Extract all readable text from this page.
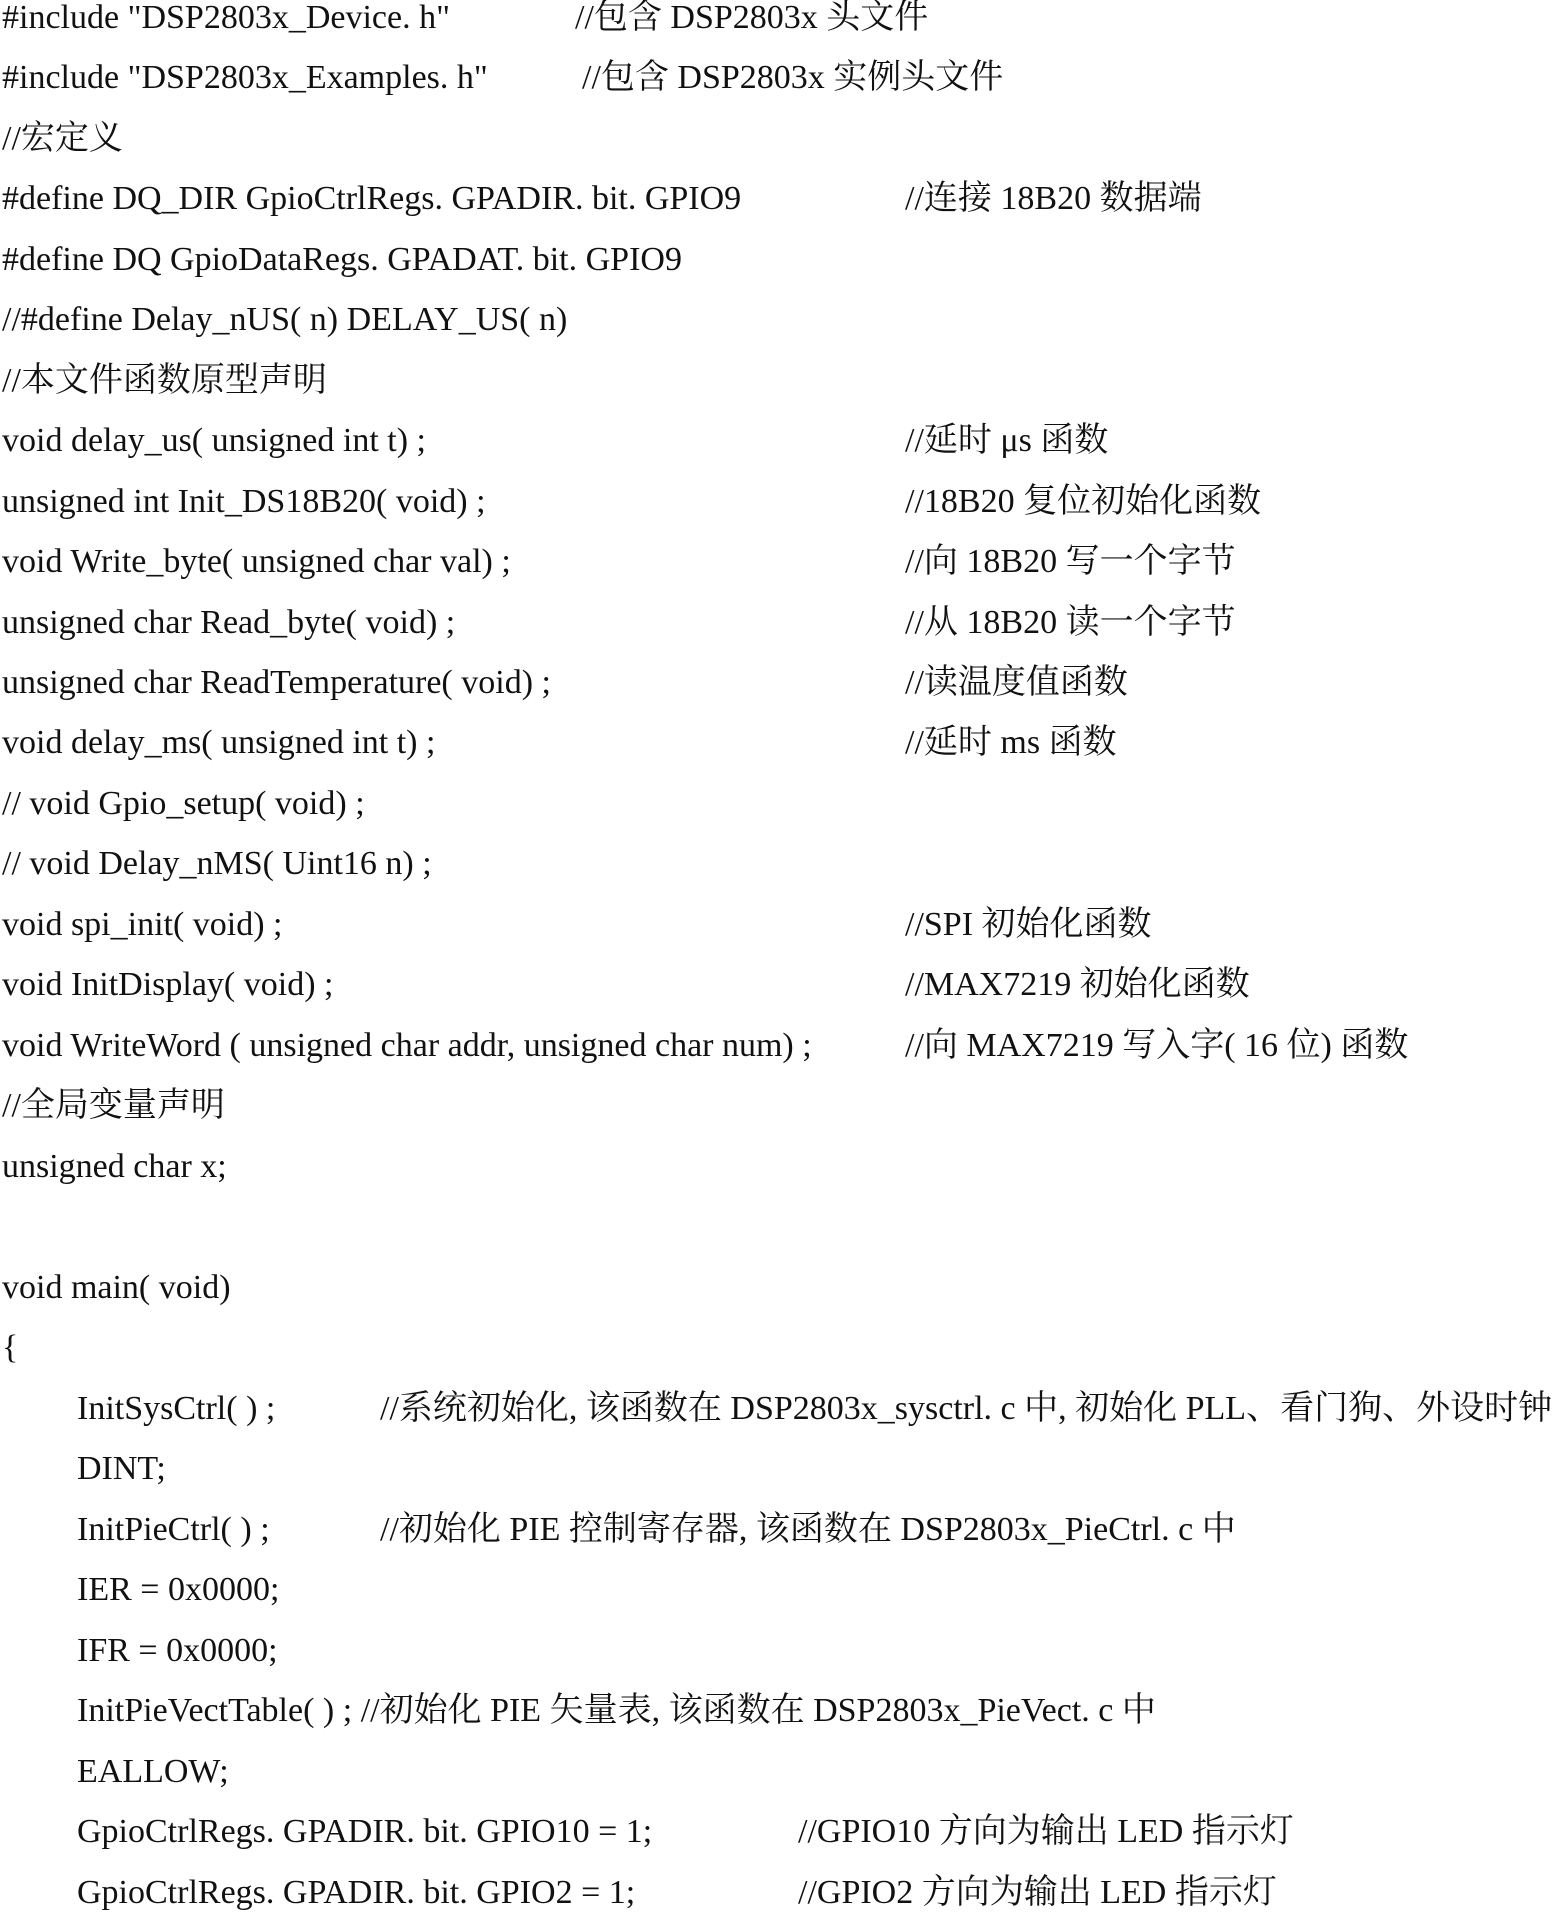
#include "DSP2803x_Device. h"	//包含 DSP2803x 头文件
#include "DSP2803x_Examples. h"	//包含 DSP2803x 实例头文件
//宏定义
#define DQ_DIR GpioCtrlRegs. GPADIR. bit. GPIO9	//连接 18B20 数据端
#define DQ GpioDataRegs. GPADAT. bit. GPIO9
//#define Delay_nUS( n) DELAY_US( n)
//本文件函数原型声明
void delay_us( unsigned int t) ;	//延时 μs 函数
unsigned int Init_DS18B20( void) ;	//18B20 复位初始化函数
void Write_byte( unsigned char val) ;	//向 18B20 写一个字节
unsigned char Read_byte( void) ;	//从 18B20 读一个字节
unsigned char ReadTemperature( void) ;	//读温度值函数
void delay_ms( unsigned int t) ;	//延时 ms 函数
// void Gpio_setup( void) ;
// void Delay_nMS( Uint16 n) ;
void spi_init( void) ;	//SPI 初始化函数
void InitDisplay( void) ;	//MAX7219 初始化函数
void WriteWord ( unsigned char addr, unsigned char num) ;	//向 MAX7219 写入字( 16 位) 函数
//全局变量声明
unsigned char x;
void main( void)
{
InitSysCtrl( ) ;	//系统初始化, 该函数在 DSP2803x_sysctrl. c 中, 初始化 PLL、看门狗、外设时钟
DINT;
InitPieCtrl( ) ;	//初始化 PIE 控制寄存器, 该函数在 DSP2803x_PieCtrl. c 中
IER = 0x0000;
IFR = 0x0000;
InitPieVectTable( ) ; //初始化 PIE 矢量表, 该函数在 DSP2803x_PieVect. c 中
EALLOW;
GpioCtrlRegs. GPADIR. bit. GPIO10 = 1;	//GPIO10 方向为输出 LED 指示灯
GpioCtrlRegs. GPADIR. bit. GPIO2 = 1;	//GPIO2 方向为输出 LED 指示灯
